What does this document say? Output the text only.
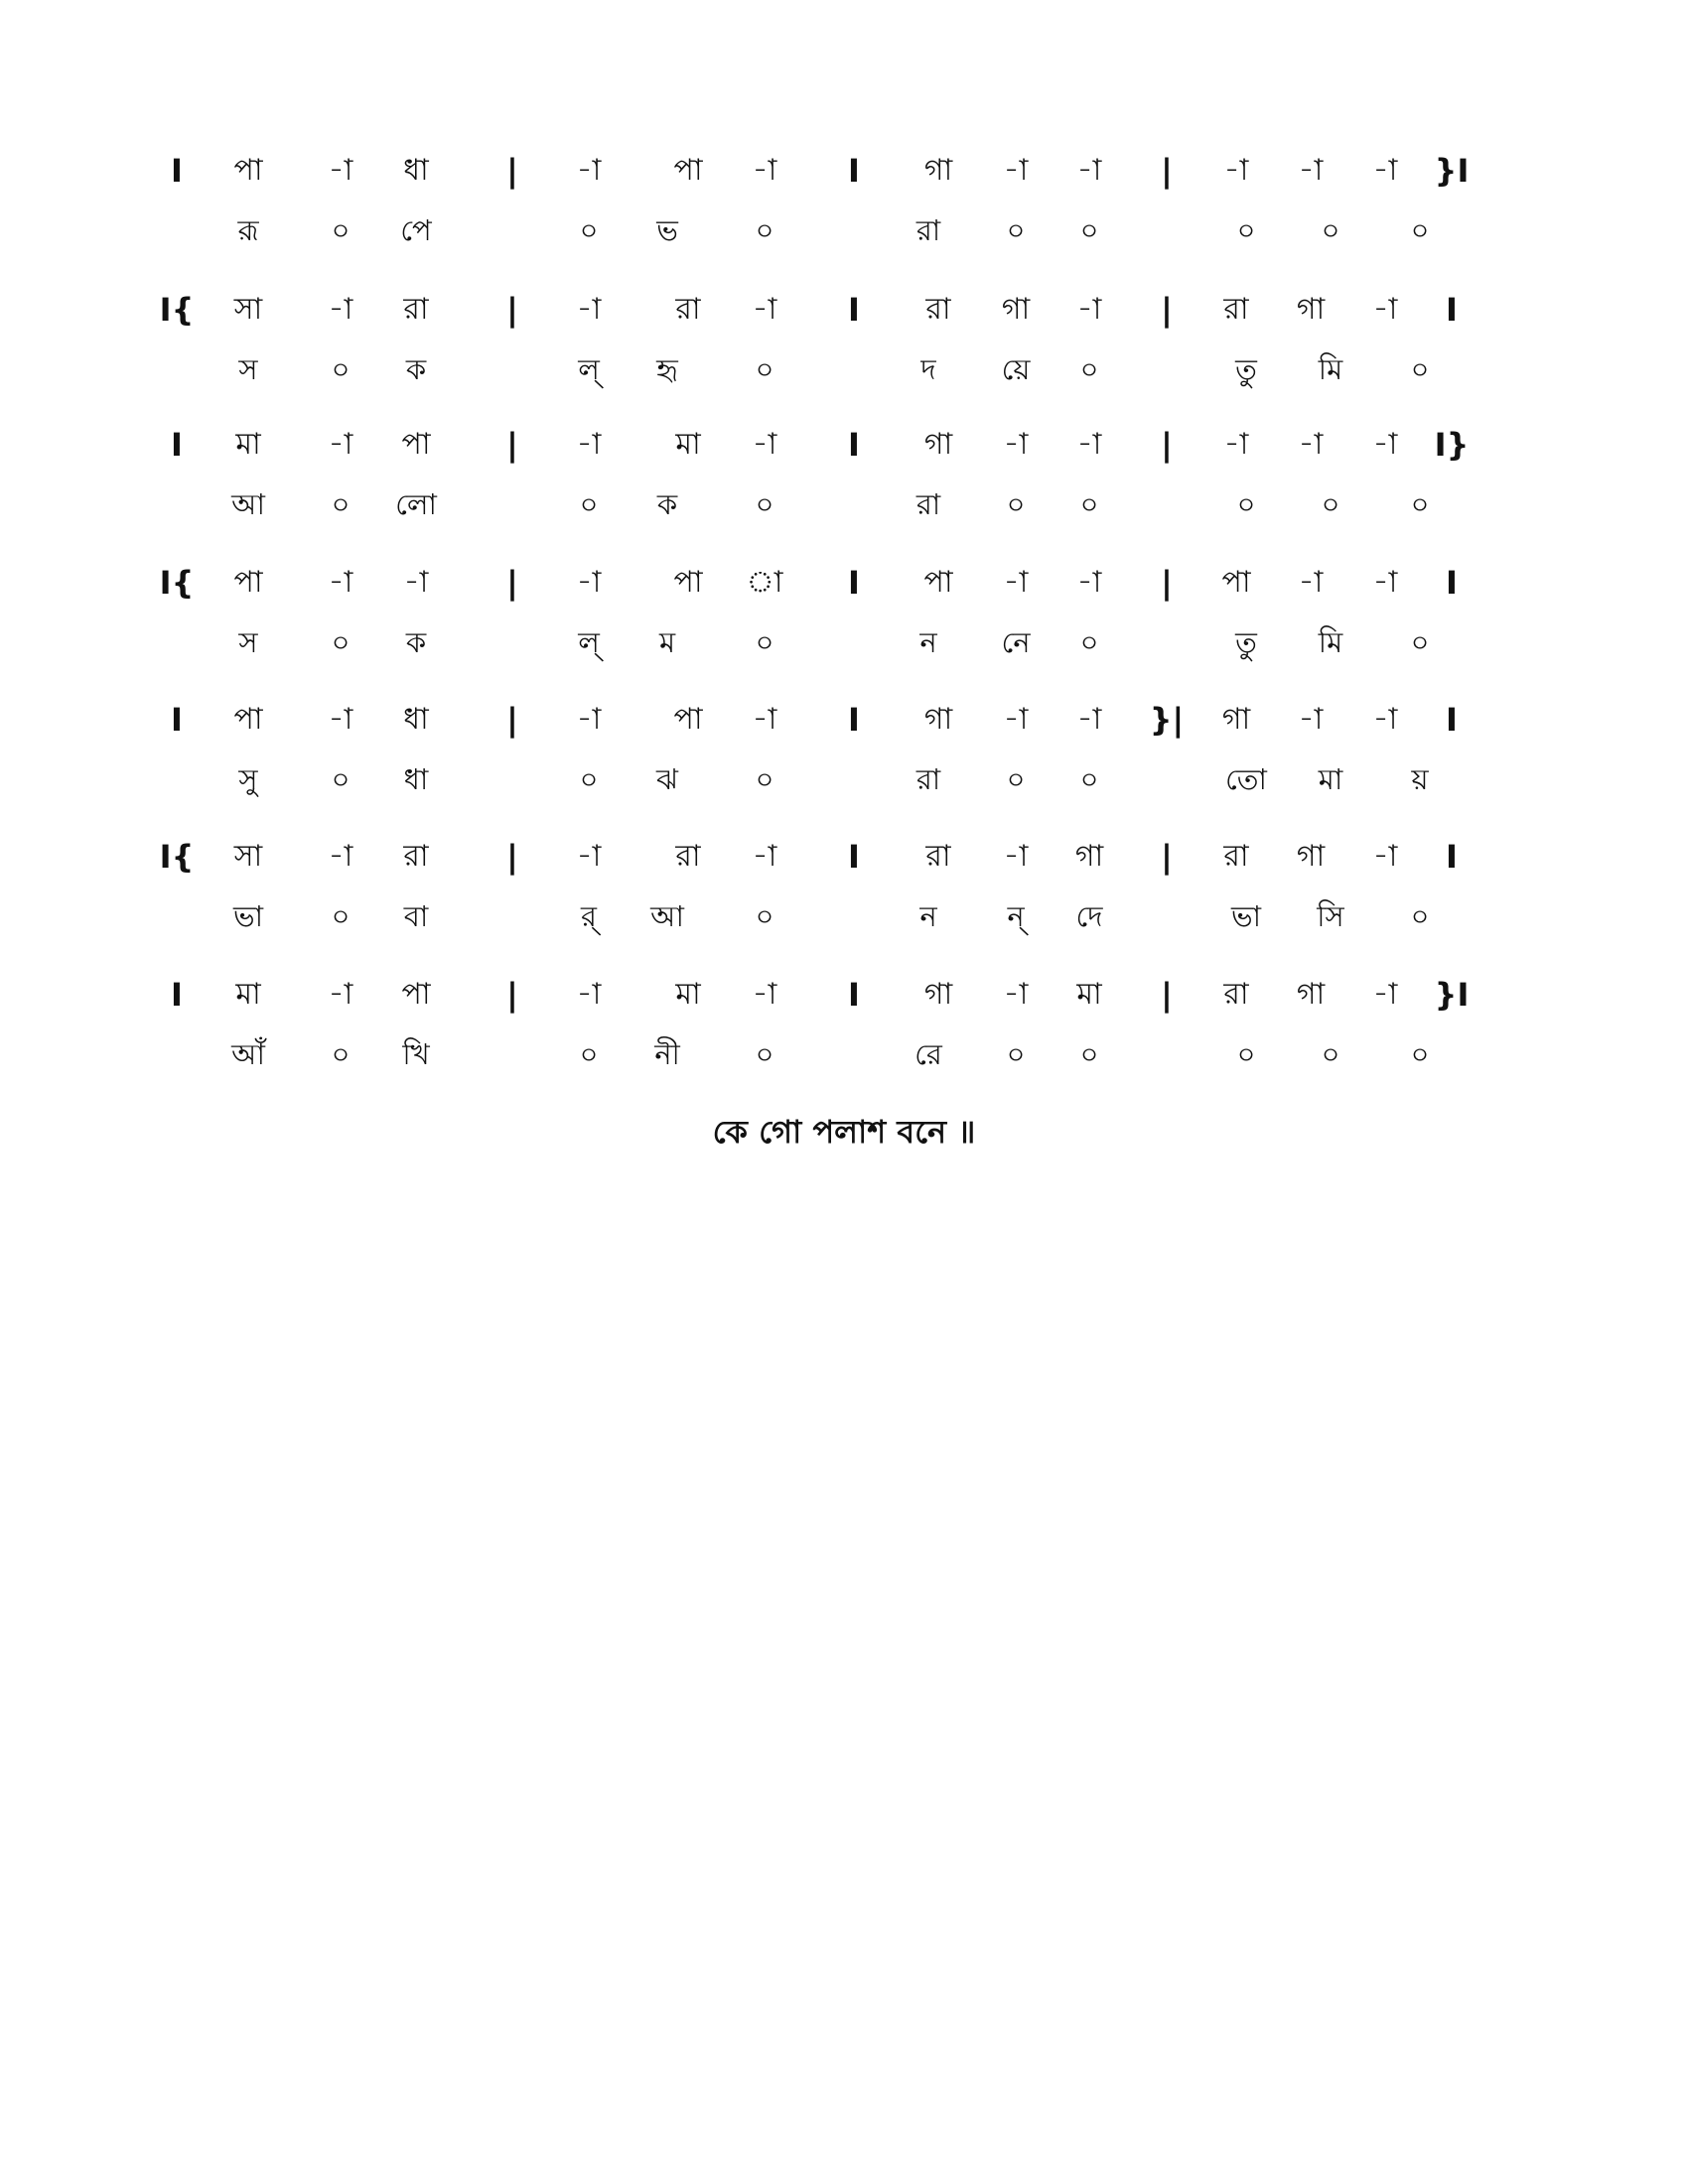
I পা -া ধা | -া পা -া I গা -া -া | -া -া -া }I
রূ	০ পে	০ ভ	০	রা ০ ০	০ ০ ০
I{ সা -া রা | -া	রা -া I রা গা -া | রা গা -া I
স	০ ক	ল্ হৃ	০	দ য়ে ০	তু মি ০
I মা -া পা | -া মা -া I গা -া -া | -া -া -া I}
আ ০ লো	০ ক	০	রা ০ ০	০ ০ ০
I{ পা -া -া | -া পা া I পা -া -া | পা -া -া I
স	০ ক	ল্ ম	০	ন নে ০	তু মি ০
I পা -া ধা | -া পা -া I গা -া -া }| গা -া -া I
সু	০ ধা	০ ঝ	০	রা ০ ০	তো মা য়
I{ সা -া রা | -া	রা -া I রা -া গা | রা গা -া I
ভা ০ বা	র্ আ ০	ন ন্ দে	ভা সি ০
I মা -া পা | -া মা -া I গা -া মা | রা গা -া }I
আঁ ০ খি	০ নী	০	রে ০ ০	০ ০ ০
কে গো পলাশ বনে ॥
